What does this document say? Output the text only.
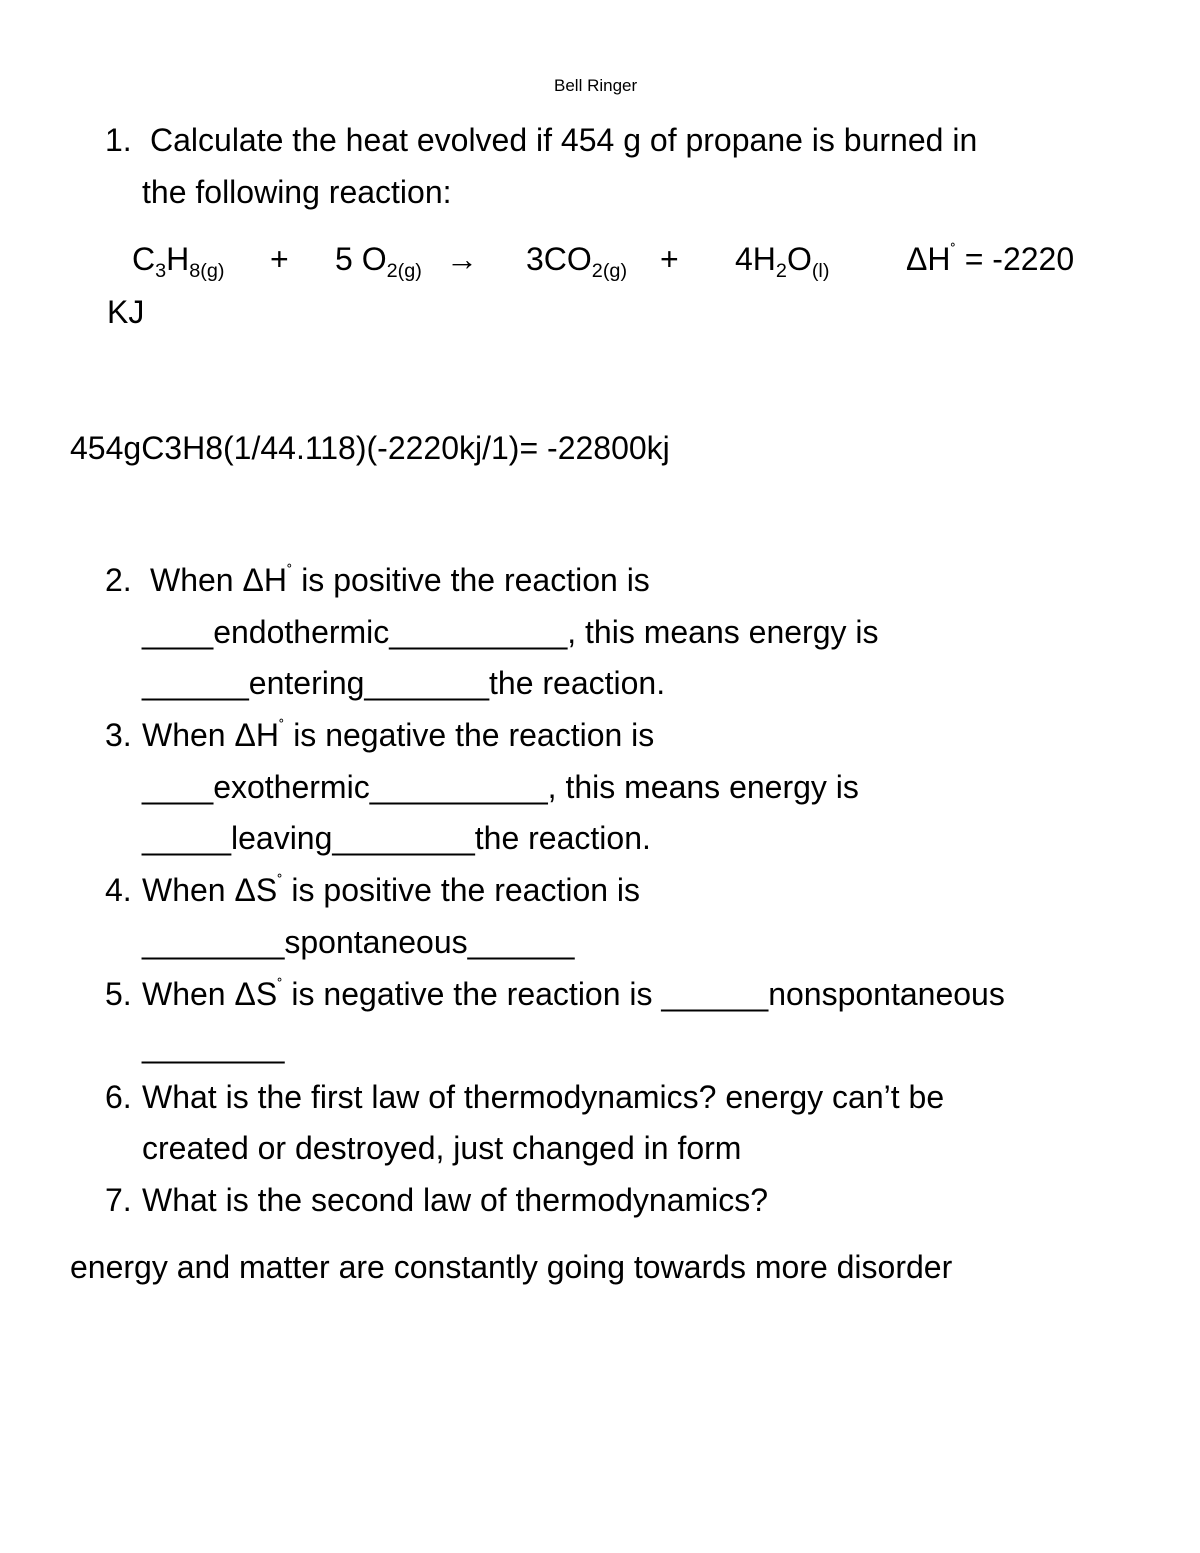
Bell Ringer
1. Calculate the heat evolved if 454 g of propane is burned in
the following reaction:
$C_3H_{8(g)} + 5$ $O_{2(g)} \to 3CO_{2(g)} + 4H_2O_{(l)}$ ΔH˚ = -2220
KJ
454gC3H8(1/44.118)(-2220kj/1)= -22800kj
2. When ΔH˚ is positive the reaction is
____endothermic__________, this means energy is
______entering_______the reaction.
3. When ΔH˚ is negative the reaction is
____exothermic__________, this means energy is
_____leaving________the reaction.
4. When ΔS˚ is positive the reaction is
________spontaneous______
5. When ΔS˚ is negative the reaction is ______nonspontaneous
________
6. What is the first law of thermodynamics? energy can’t be
created or destroyed, just changed in form
7. What is the second law of thermodynamics?
energy and matter are constantly going towards more disorder
